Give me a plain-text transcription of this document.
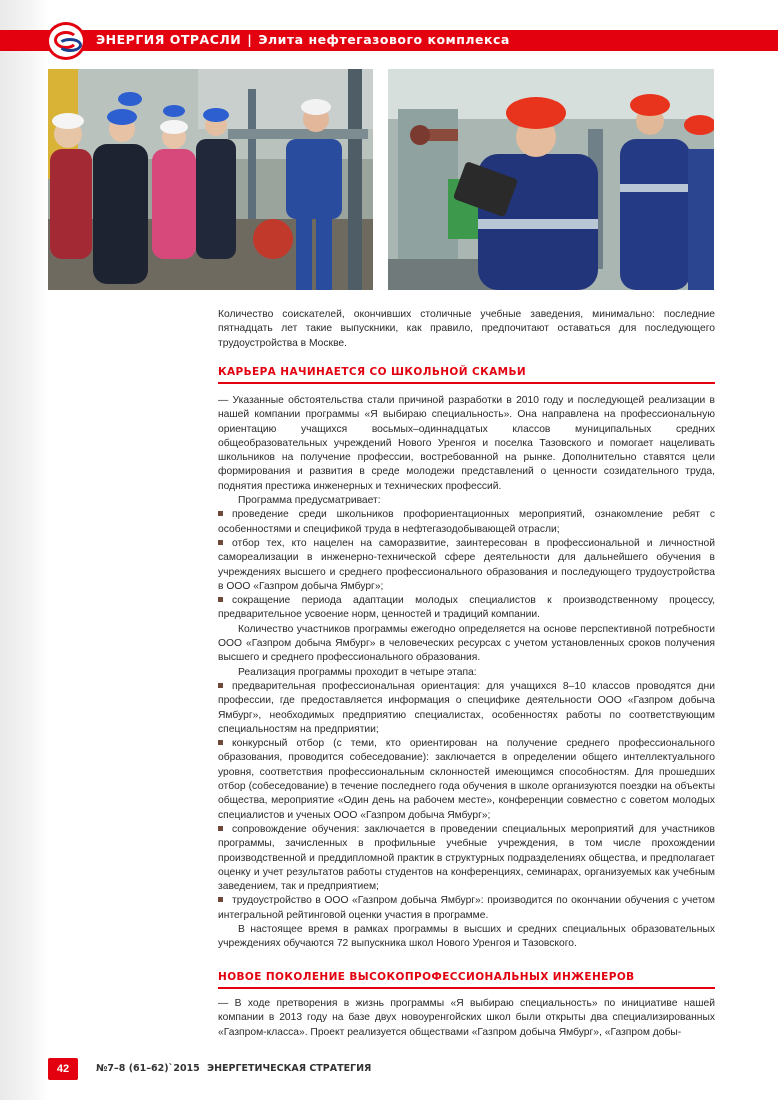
ЭНЕРГИЯ ОТРАСЛИ | Элита нефтегазового комплекса
Количество соискателей, окончивших столичные учебные заведения, минимально: последние пятнадцать лет такие выпускники, как правило, предпочитают оставаться для последующего трудоустройства в Москве.
КАРЬЕРА НАЧИНАЕТСЯ СО ШКОЛЬНОЙ СКАМЬИ

— Указанные обстоятельства стали причиной разработки в 2010 году и последующей реализации в нашей компании программы «Я выбираю специальность». Она направлена на профессиональную ориентацию учащихся восьмых–одиннадцатых классов муниципальных средних общеобразовательных учреждений Нового Уренгоя и поселка Тазовского и помогает нацеливать школьников на получение профессии, востребованной на рынке. Дополнительно ставятся цели формирования и развития в среде молодежи представлений о ценности созидательного труда, поднятия престижа инженерных и технических профессий.

Программа предусматривает:

проведение среди школьников профориентационных мероприятий, ознакомление ребят с особенностями и спецификой труда в нефтегазодобывающей отрасли;

отбор тех, кто нацелен на саморазвитие, заинтересован в профессиональной и личностной самореализации в инженерно-технической сфере деятельности для дальнейшего обучения в учреждениях высшего и среднего профессионального образования и последующего трудоустройства в ООО «Газпром добыча Ямбург»;

сокращение периода адаптации молодых специалистов к производственному процессу, предварительное усвоение норм, ценностей и традиций компании.

Количество участников программы ежегодно определяется на основе перспективной потребности ООО «Газпром добыча Ямбург» в человеческих ресурсах с учетом установленных сроков получения высшего и среднего профессионального образования.

Реализация программы проходит в четыре этапа:

предварительная профессиональная ориентация: для учащихся 8–10 классов проводятся дни профессии, где предоставляется информация о специфике деятельности ООО «Газпром добыча Ямбург», необходимых предприятию специалистах, особенностях работы по соответствующим специальностям на предприятии;

конкурсный отбор (с теми, кто ориентирован на получение среднего профессионального образования, проводится собеседование): заключается в определении общего интеллектуального уровня, соответствия профессиональным склонностей имеющимся способностям. Для прошедших отбор (собеседование) в течение последнего года обучения в школе организуются поездки на объекты общества, мероприятие «Один день на рабочем месте», конференции совместно с советом молодых специалистов и ученых ООО «Газпром добыча Ямбург»;

сопровождение обучения: заключается в проведении специальных мероприятий для участников программы, зачисленных в профильные учебные учреждения, в том числе прохождении производственной и преддипломной практик в структурных подразделениях общества, и предполагает оценку и учет результатов работы студентов на конференциях, семинарах, организуемых как учебным заведением, так и предприятием;

трудоустройство в ООО «Газпром добыча Ямбург»: производится по окончании обучения с учетом интегральной рейтинговой оценки участия в программе.

В настоящее время в рамках программы в высших и средних специальных образовательных учреждениях обучаются 72 выпускника школ Нового Уренгоя и Тазовского.

НОВОЕ ПОКОЛЕНИЕ ВЫСОКОПРОФЕССИОНАЛЬНЫХ ИНЖЕНЕРОВ
— В ходе претворения в жизнь программы «Я выбираю специальность» по инициативе нашей компании в 2013 году на базе двух новоуренгойских школ были открыты два специализированных «Газпром-класса». Проект реализуется обществами «Газпром добыча Ямбург», «Газпром добы-
42	№7–8 (61–62)`2015 ЭНЕРГЕТИЧЕСКАЯ СТРАТЕГИЯ
